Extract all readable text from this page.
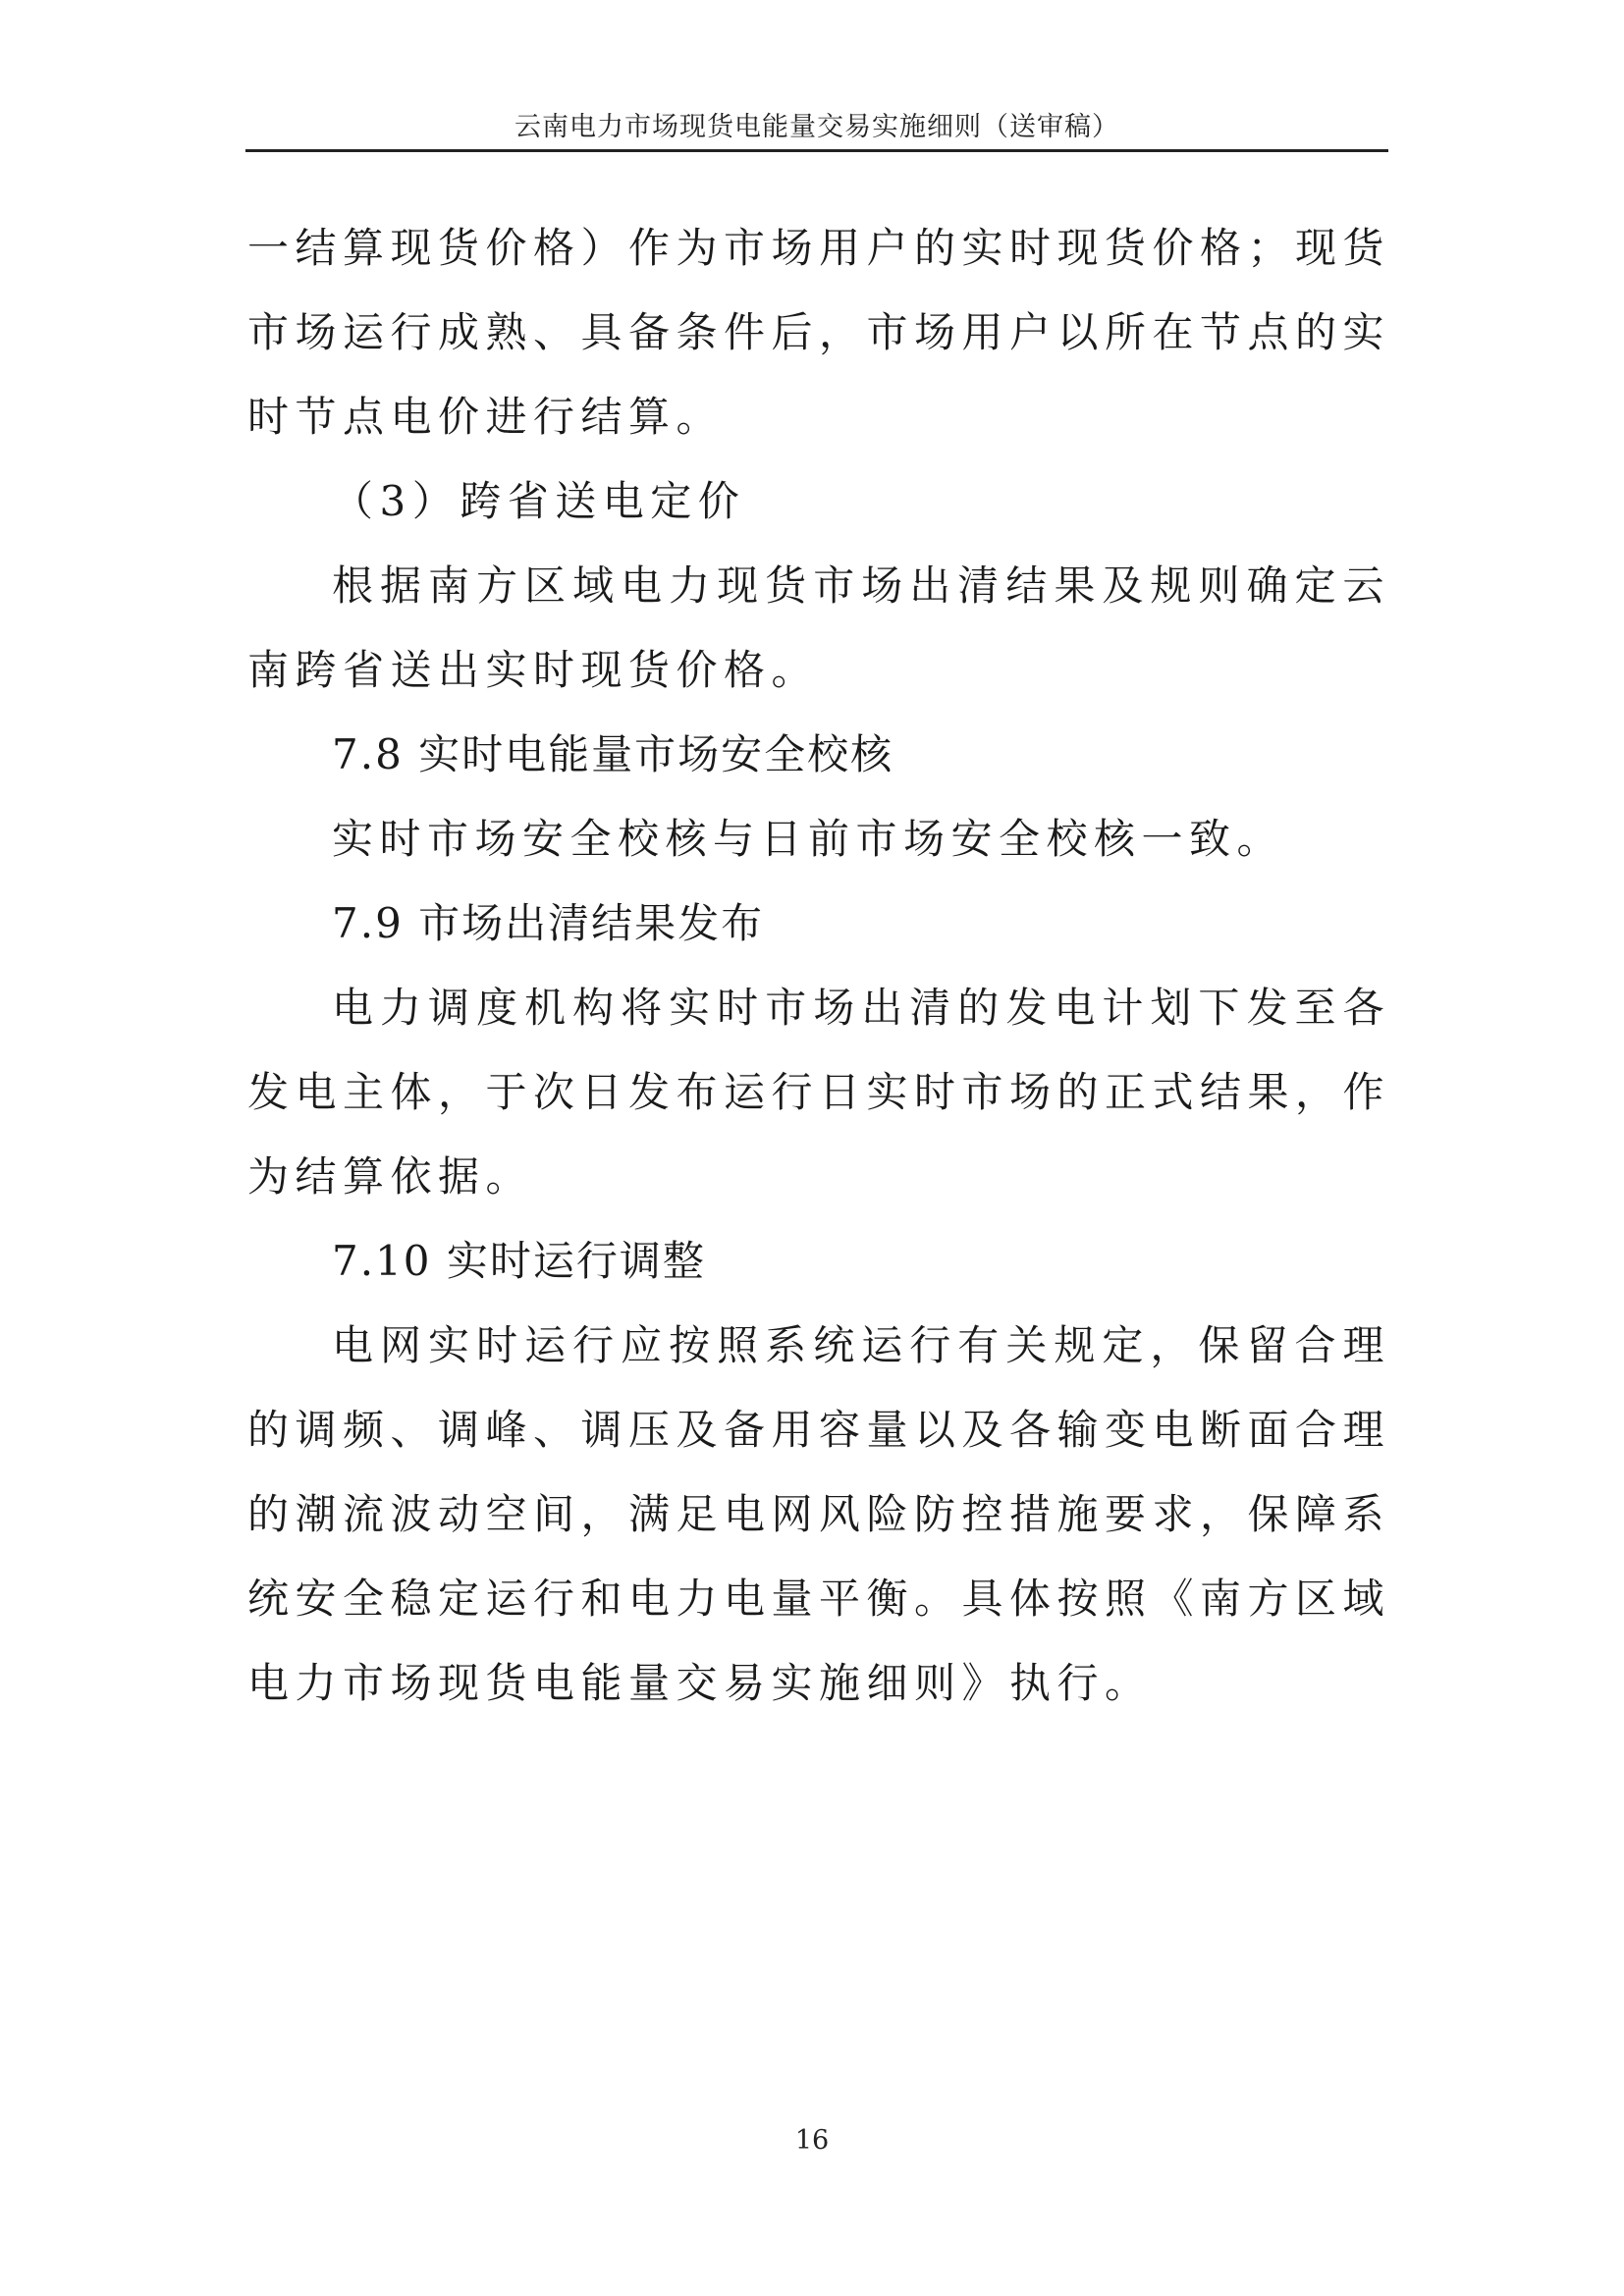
云南电力市场现货电能量交易实施细则（送审稿）

一结算现货价格）作为市场用户的实时现货价格；现货市场运行成熟、具备条件后，市场用户以所在节点的实时节点电价进行结算。

（3）跨省送电定价

根据南方区域电力现货市场出清结果及规则确定云南跨省送出实时现货价格。

7.8 实时电能量市场安全校核

实时市场安全校核与日前市场安全校核一致。

7.9 市场出清结果发布

电力调度机构将实时市场出清的发电计划下发至各发电主体，于次日发布运行日实时市场的正式结果，作为结算依据。

7.10 实时运行调整

电网实时运行应按照系统运行有关规定，保留合理的调频、调峰、调压及备用容量以及各输变电断面合理的潮流波动空间，满足电网风险防控措施要求，保障系统安全稳定运行和电力电量平衡。具体按照《南方区域电力市场现货电能量交易实施细则》执行。

16
